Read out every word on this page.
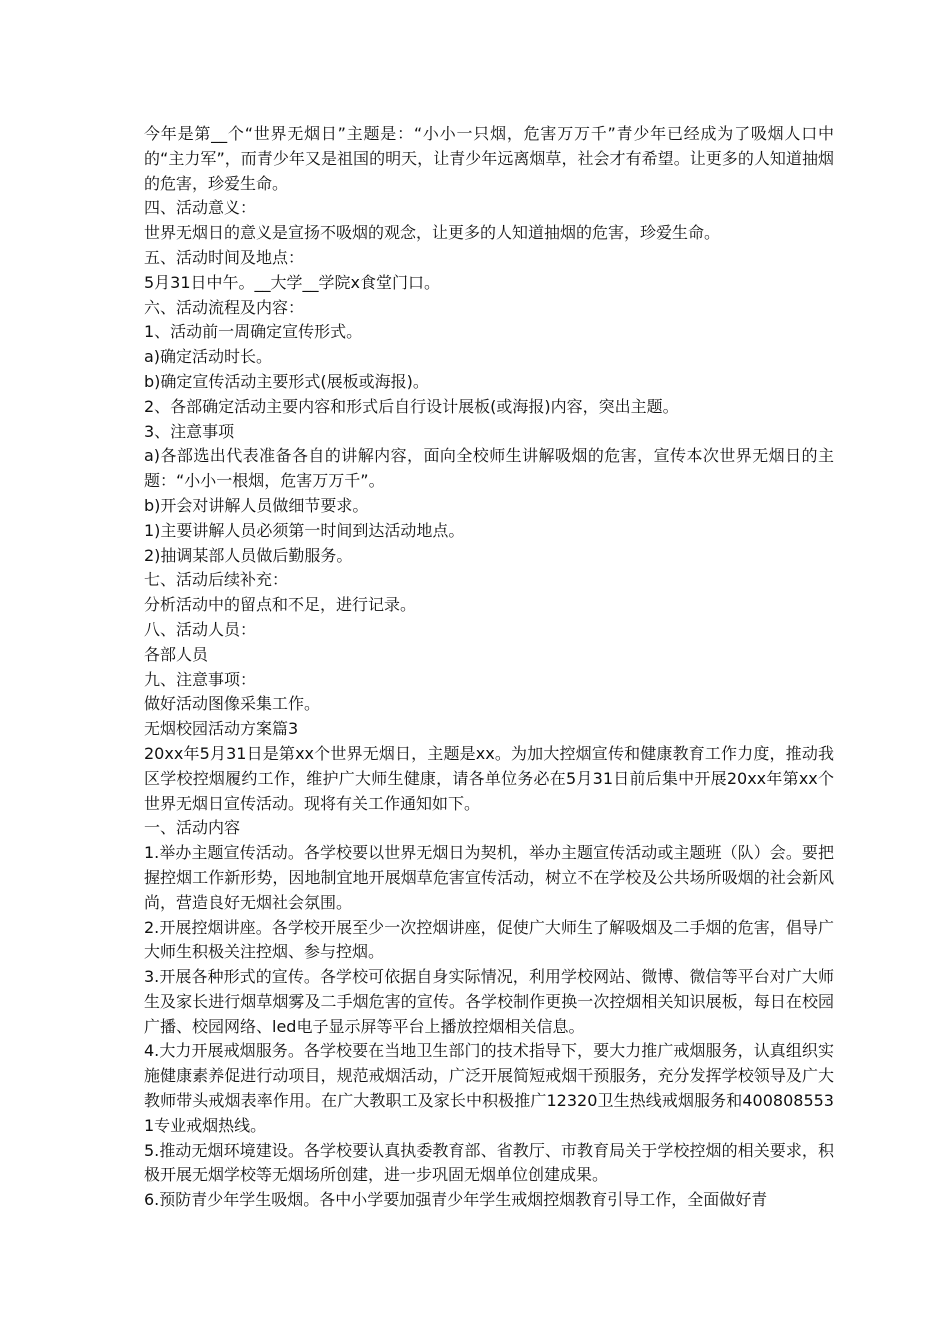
今年是第__个“世界无烟日”主题是：“小小一只烟，危害万万千”青少年已经成为了吸烟人口中的“主力军”，而青少年又是祖国的明天，让青少年远离烟草，社会才有希望。让更多的人知道抽烟的危害，珍爱生命。

四、活动意义：

世界无烟日的意义是宣扬不吸烟的观念，让更多的人知道抽烟的危害，珍爱生命。

五、活动时间及地点：

5月31日中午。__大学__学院x食堂门口。

六、活动流程及内容：

1、活动前一周确定宣传形式。

a)确定活动时长。

b)确定宣传活动主要形式(展板或海报)。

2、各部确定活动主要内容和形式后自行设计展板(或海报)内容，突出主题。

3、注意事项

a)各部选出代表准备各自的讲解内容，面向全校师生讲解吸烟的危害，宣传本次世界无烟日的主题：“小小一根烟，危害万万千”。

b)开会对讲解人员做细节要求。

1)主要讲解人员必须第一时间到达活动地点。

2)抽调某部人员做后勤服务。

七、活动后续补充：

分析活动中的留点和不足，进行记录。

八、活动人员：

各部人员

九、注意事项：

做好活动图像采集工作。

无烟校园活动方案篇3

20xx年5月31日是第xx个世界无烟日，主题是xx。为加大控烟宣传和健康教育工作力度，推动我区学校控烟履约工作，维护广大师生健康，请各单位务必在5月31日前后集中开展20xx年第xx个世界无烟日宣传活动。现将有关工作通知如下。

一、活动内容

1.举办主题宣传活动。各学校要以世界无烟日为契机，举办主题宣传活动或主题班（队）会。要把握控烟工作新形势，因地制宜地开展烟草危害宣传活动，树立不在学校及公共场所吸烟的社会新风尚，营造良好无烟社会氛围。

2.开展控烟讲座。各学校开展至少一次控烟讲座，促使广大师生了解吸烟及二手烟的危害，倡导广大师生积极关注控烟、参与控烟。

3.开展各种形式的宣传。各学校可依据自身实际情况，利用学校网站、微博、微信等平台对广大师生及家长进行烟草烟雾及二手烟危害的宣传。各学校制作更换一次控烟相关知识展板，每日在校园广播、校园网络、led电子显示屏等平台上播放控烟相关信息。

4.大力开展戒烟服务。各学校要在当地卫生部门的技术指导下，要大力推广戒烟服务，认真组织实施健康素养促进行动项目，规范戒烟活动，广泛开展简短戒烟干预服务，充分发挥学校领导及广大教师带头戒烟表率作用。在广大教职工及家长中积极推广12320卫生热线戒烟服务和4008085531专业戒烟热线。

5.推动无烟环境建设。各学校要认真执委教育部、省教厅、市教育局关于学校控烟的相关要求，积极开展无烟学校等无烟场所创建，进一步巩固无烟单位创建成果。

6.预防青少年学生吸烟。各中小学要加强青少年学生戒烟控烟教育引导工作，全面做好青
